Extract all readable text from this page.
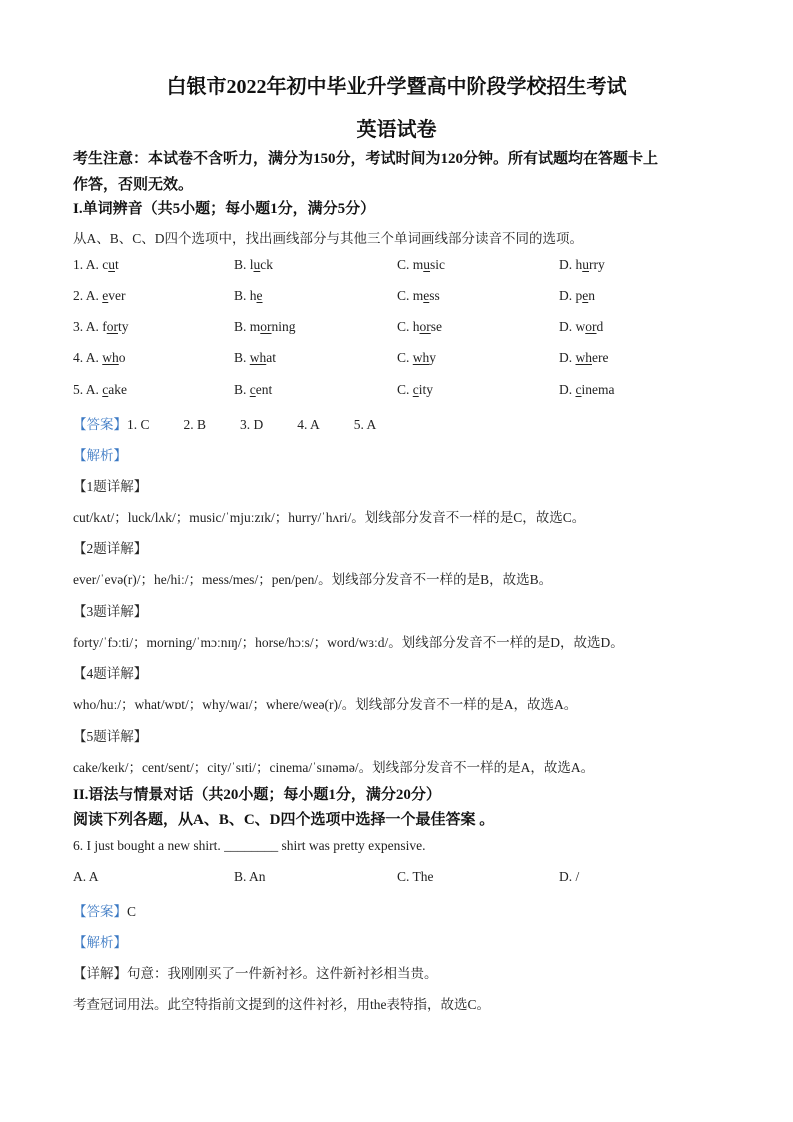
白银市2022年初中毕业升学暨高中阶段学校招生考试
英语试卷
考生注意：本试卷不含听力，满分为150分，考试时间为120分钟。所有试题均在答题卡上
作答，否则无效。
I.单词辨音（共5小题；每小题1分，满分5分）
从A、B、C、D四个选项中，找出画线部分与其他三个单词画线部分读音不同的选项。
1. A. cut	B. luck	C. music	D. hurry
2. A. ever	B. he	C. mess	D. pen
3. A. forty	B. morning	C. horse	D. word
4. A. who	B. what	C. why	D. where
5. A. cake	B. cent	C. city	D. cinema
【答案】1. C	2. B	3. D	4. A	5. A
【解析】
【1题详解】
cut/kʌt/；luck/lʌk/；music/ˈmjuːzɪk/；hurry/ˈhʌri/。划线部分发音不一样的是C，故选C。
【2题详解】
ever/ˈevə(r)/；he/hiː/；mess/mes/；pen/pen/。划线部分发音不一样的是B，故选B。
【3题详解】
forty/ˈfɔːti/；morning/ˈmɔːnɪŋ/；horse/hɔːs/；word/wɜːd/。划线部分发音不一样的是D，故选D。
【4题详解】
who/huː/；what/wɒt/；why/waɪ/；where/weə(r)/。划线部分发音不一样的是A，故选A。
【5题详解】
cake/keɪk/；cent/sent/；city/ˈsɪti/；cinema/ˈsɪnəmə/。划线部分发音不一样的是A，故选A。
II.语法与情景对话（共20小题；每小题1分，满分20分）
阅读下列各题，从A、B、C、D四个选项中选择一个最佳答案 。
6. I just bought a new shirt. ________ shirt was pretty expensive.
A. A	B. An	C. The	D. /
【答案】C
【解析】
【详解】句意：我刚刚买了一件新衬衫。这件新衬衫相当贵。
考查冠词用法。此空特指前文提到的这件衬衫，用the表特指，故选C。
